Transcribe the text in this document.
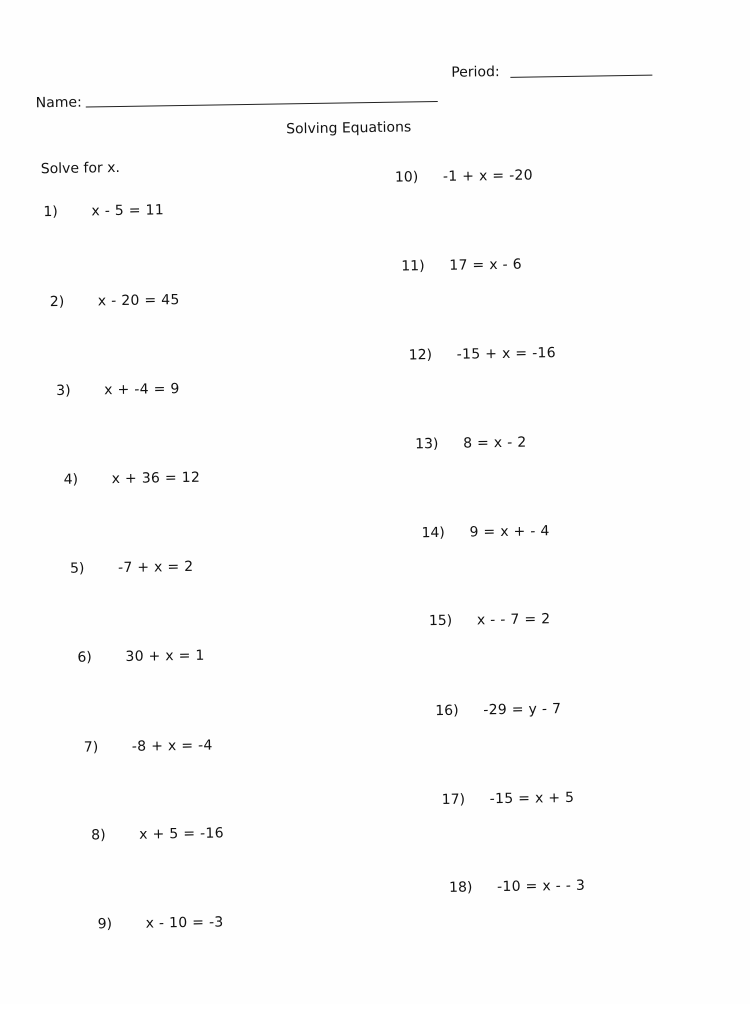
Name:
Period:
Solving Equations
Solve for x.
1) x - 5 = 11
2) x - 20 = 45
3) x + -4 = 9
4) x + 36 = 12
5) -7 + x = 2
6) 30 + x = 1
7) -8 + x = -4
8) x + 5 = -16
9) x - 10 = -3
10) -1 + x = -20
11) 17 = x - 6
12) -15 + x = -16
13) 8 = x - 2
14) 9 = x + - 4
15) x - - 7 = 2
16) -29 = y - 7
17) -15 = x + 5
18) -10 = x - - 3
